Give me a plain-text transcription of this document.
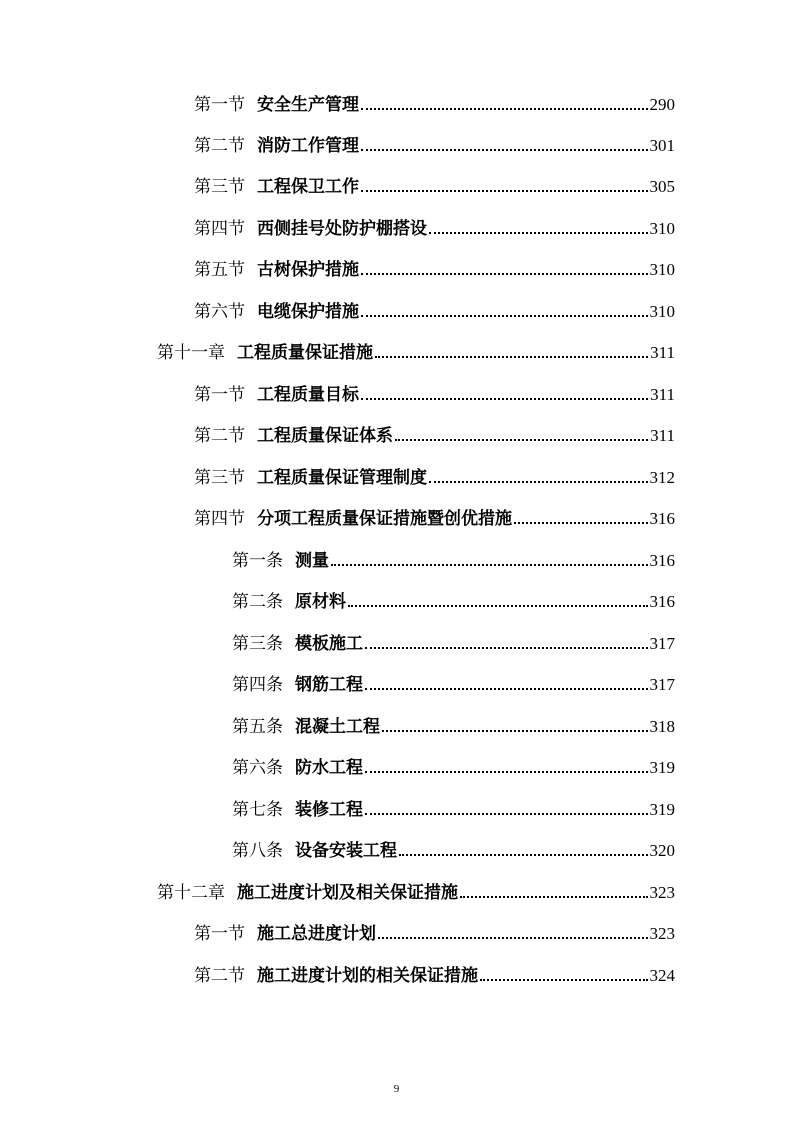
第一节 安全生产管理	290
第二节 消防工作管理	301
第三节 工程保卫工作	305
第四节 西侧挂号处防护棚搭设	310
第五节 古树保护措施	310
第六节 电缆保护措施	310
第十一章 工程质量保证措施	311
第一节 工程质量目标	311
第二节 工程质量保证体系	311
第三节 工程质量保证管理制度	312
第四节 分项工程质量保证措施暨创优措施	316
第一条 测量	316
第二条 原材料	316
第三条 模板施工	317
第四条 钢筋工程	317
第五条 混凝土工程	318
第六条 防水工程	319
第七条 装修工程	319
第八条 设备安装工程	320
第十二章 施工进度计划及相关保证措施	323
第一节 施工总进度计划	323
第二节 施工进度计划的相关保证措施	324
9
